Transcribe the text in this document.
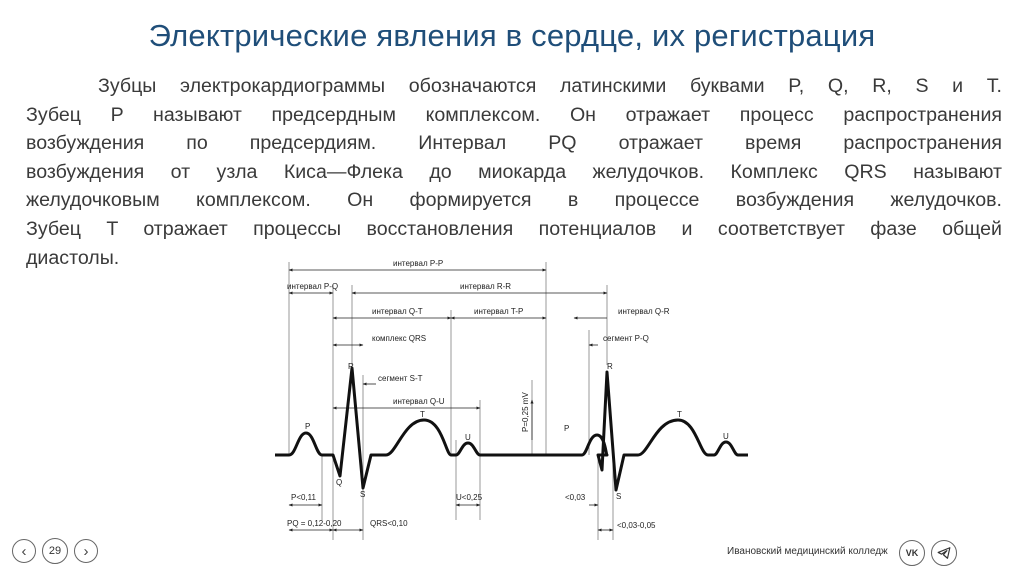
Электрические явления в сердце, их регистрация
Зубцы электрокардиограммы обозначаются латинскими буквами P, Q, R, S и T.
Зубец P называют предсердным комплексом. Он отражает процесс распространения
возбуждения по предсердиям. Интервал PQ отражает время распространения
возбуждения от узла Киса—Флека до миокарда желудочков. Комплекс QRS называют
желудочковым комплексом. Он формируется в процессе возбуждения желудочков.
Зубец T отражает процессы восстановления потенциалов и соответствует фазе общей
диастолы.	интервал P-P
интервал P-Q	интервал R-R
интервал Q-T	интервал T-P	интервал Q-R
комплекс QRS	сегмент P-Q
сегмент S-T
интервал Q-U	P=0,25 mV
P
Q
R
S
T
U
P
R
S
T
U
P<0,11
PQ = 0,12-0,20	QRS<0,10
U<0,25	<0,03
<0,03-0,05
‹	29	›	Ивановский медицинский колледж	VK
